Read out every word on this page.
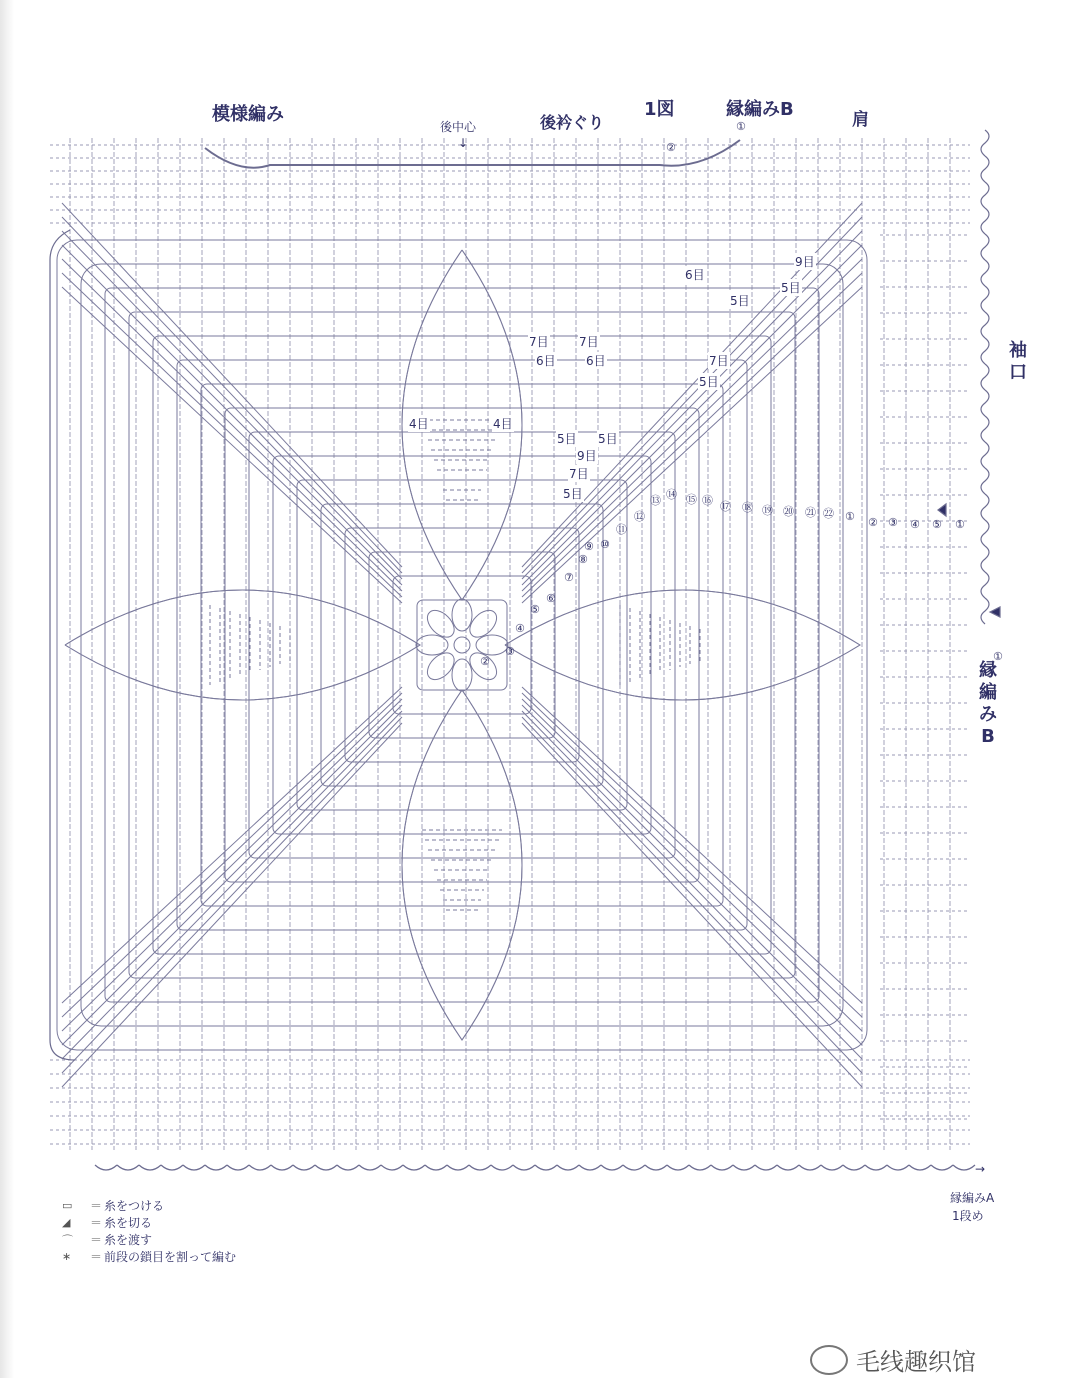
模様編み
後中心
↓
後衿ぐり
1図	縁編みB	肩
袖口
縁編みB
縁編みA
1段め
→
6目
9目
5目
5目
7目	7目
6目	6目	7目
5目
4目	4目
5目 5目
9目
7目
5目
②
③
④
⑤
⑥
⑦
⑧
⑨ ⑩
⑪
⑫
⑬ ⑭ ⑮ ⑯ ⑰ ⑱ ⑲ ⑳ ㉑ ㉒ ① ② ③ ④ ⑤ ①
②
①
①
▭	＝ 糸をつける
◢	＝ 糸を切る
⌒	＝ 糸を渡す
∗	＝ 前段の鎖目を割って編む
毛线趣织馆
